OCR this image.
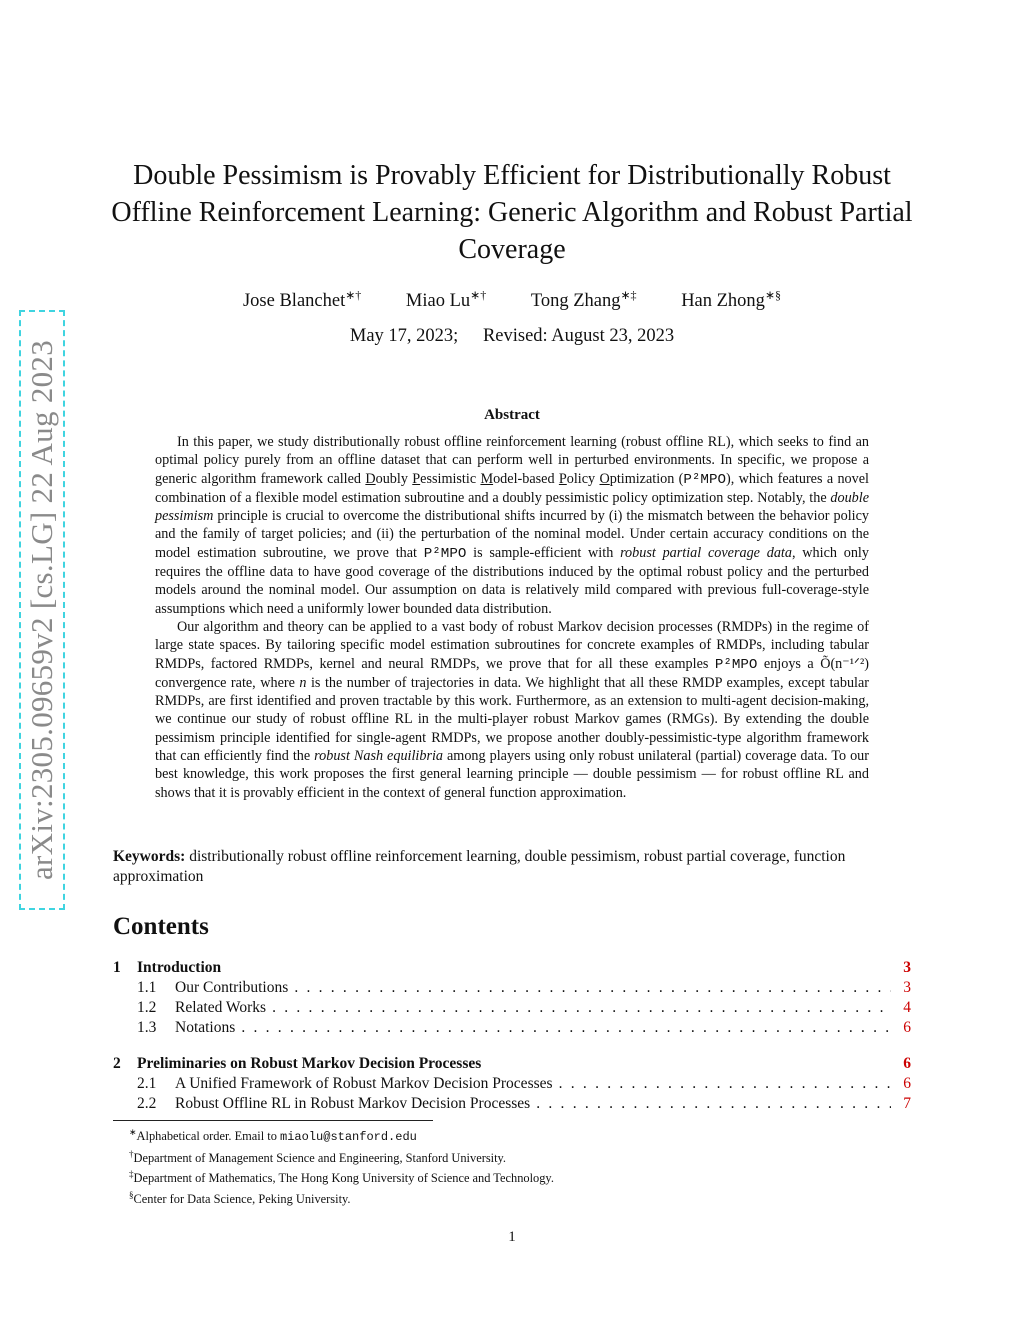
arXiv:2305.09659v2 [cs.LG] 22 Aug 2023
Double Pessimism is Provably Efficient for Distributionally Robust Offline Reinforcement Learning: Generic Algorithm and Robust Partial Coverage
Jose Blanchet∗† Miao Lu∗† Tong Zhang∗‡ Han Zhong∗§
May 17, 2023; Revised: August 23, 2023
Abstract

In this paper, we study distributionally robust offline reinforcement learning (robust offline RL), which seeks to find an optimal policy purely from an offline dataset that can perform well in perturbed environments. In specific, we propose a generic algorithm framework called Doubly Pessimistic Model-based Policy Optimization (P²MPO), which features a novel combination of a flexible model estimation subroutine and a doubly pessimistic policy optimization step. Notably, the double pessimism principle is crucial to overcome the distributional shifts incurred by (i) the mismatch between the behavior policy and the family of target policies; and (ii) the perturbation of the nominal model. Under certain accuracy conditions on the model estimation subroutine, we prove that P²MPO is sample-efficient with robust partial coverage data, which only requires the offline data to have good coverage of the distributions induced by the optimal robust policy and the perturbed models around the nominal model. Our assumption on data is relatively mild compared with previous full-coverage-style assumptions which need a uniformly lower bounded data distribution.

Our algorithm and theory can be applied to a vast body of robust Markov decision processes (RMDPs) in the regime of large state spaces. By tailoring specific model estimation subroutines for concrete examples of RMDPs, including tabular RMDPs, factored RMDPs, kernel and neural RMDPs, we prove that for all these examples P²MPO enjoys a Õ(n⁻¹ᐟ²) convergence rate, where n is the number of trajectories in data. We highlight that all these RMDP examples, except tabular RMDPs, are first identified and proven tractable by this work. Furthermore, as an extension to multi-agent decision-making, we continue our study of robust offline RL in the multi-player robust Markov games (RMGs). By extending the double pessimism principle identified for single-agent RMDPs, we propose another doubly-pessimistic-type algorithm framework that can efficiently find the robust Nash equilibria among players using only robust unilateral (partial) coverage data. To our best knowledge, this work proposes the first general learning principle — double pessimism — for robust offline RL and shows that it is provably efficient in the context of general function approximation.

Keywords: distributionally robust offline reinforcement learning, double pessimism, robust partial coverage, function approximation
Contents
1 Introduction	3
1.1 Our Contributions . . .	3
1.2 Related Works . . .	4
1.3 Notations . . .	6
2 Preliminaries on Robust Markov Decision Processes	6
2.1 A Unified Framework of Robust Markov Decision Processes . . .	6
2.2 Robust Offline RL in Robust Markov Decision Processes . . .	7
∗Alphabetical order. Email to miaolu@stanford.edu
†Department of Management Science and Engineering, Stanford University.
‡Department of Mathematics, The Hong Kong University of Science and Technology.
§Center for Data Science, Peking University.
1
